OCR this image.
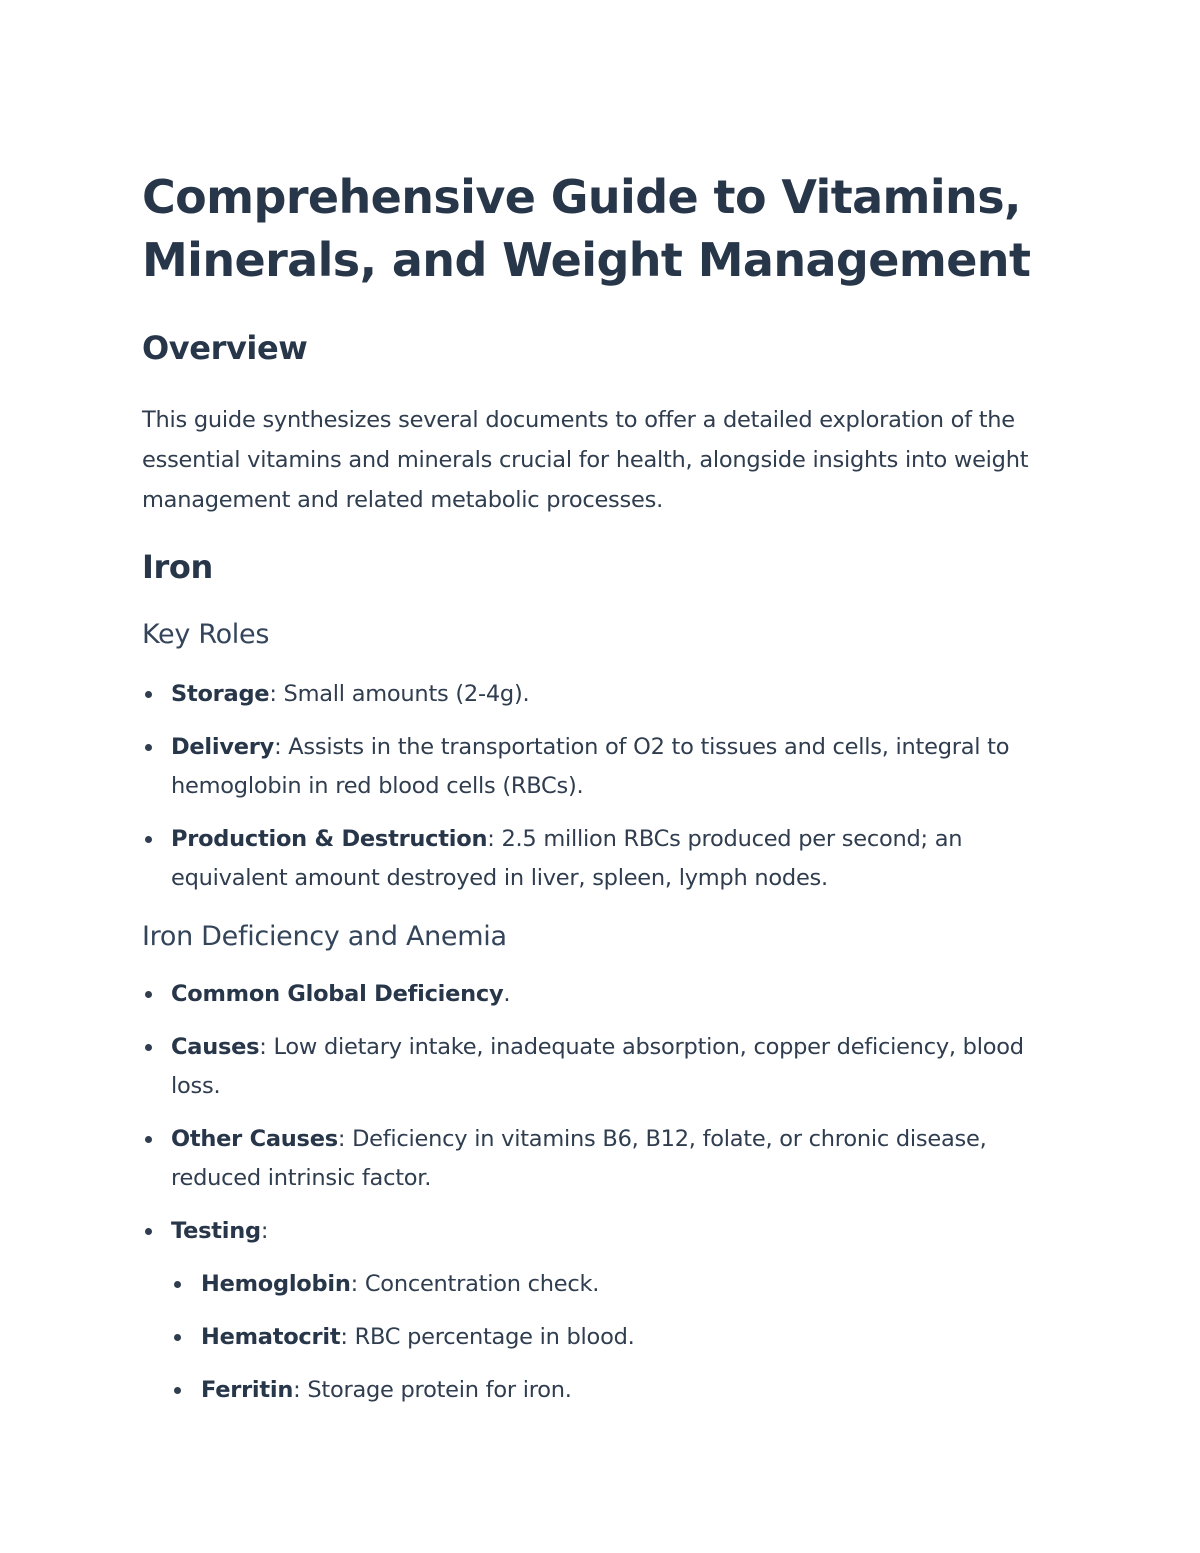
Comprehensive Guide to Vitamins, Minerals, and Weight Management
Overview

This guide synthesizes several documents to offer a detailed exploration of the essential vitamins and minerals crucial for health, alongside insights into weight management and related metabolic processes.

Iron
Key Roles
Storage: Small amounts (2-4g).
Delivery: Assists in the transportation of O2 to tissues and cells, integral to hemoglobin in red blood cells (RBCs).
Production & Destruction: 2.5 million RBCs produced per second; an equivalent amount destroyed in liver, spleen, lymph nodes.
Iron Deficiency and Anemia
Common Global Deficiency.
Causes: Low dietary intake, inadequate absorption, copper deficiency, blood loss.
Other Causes: Deficiency in vitamins B6, B12, folate, or chronic disease, reduced intrinsic factor.
Testing:
Hemoglobin: Concentration check.
Hematocrit: RBC percentage in blood.
Ferritin: Storage protein for iron.
